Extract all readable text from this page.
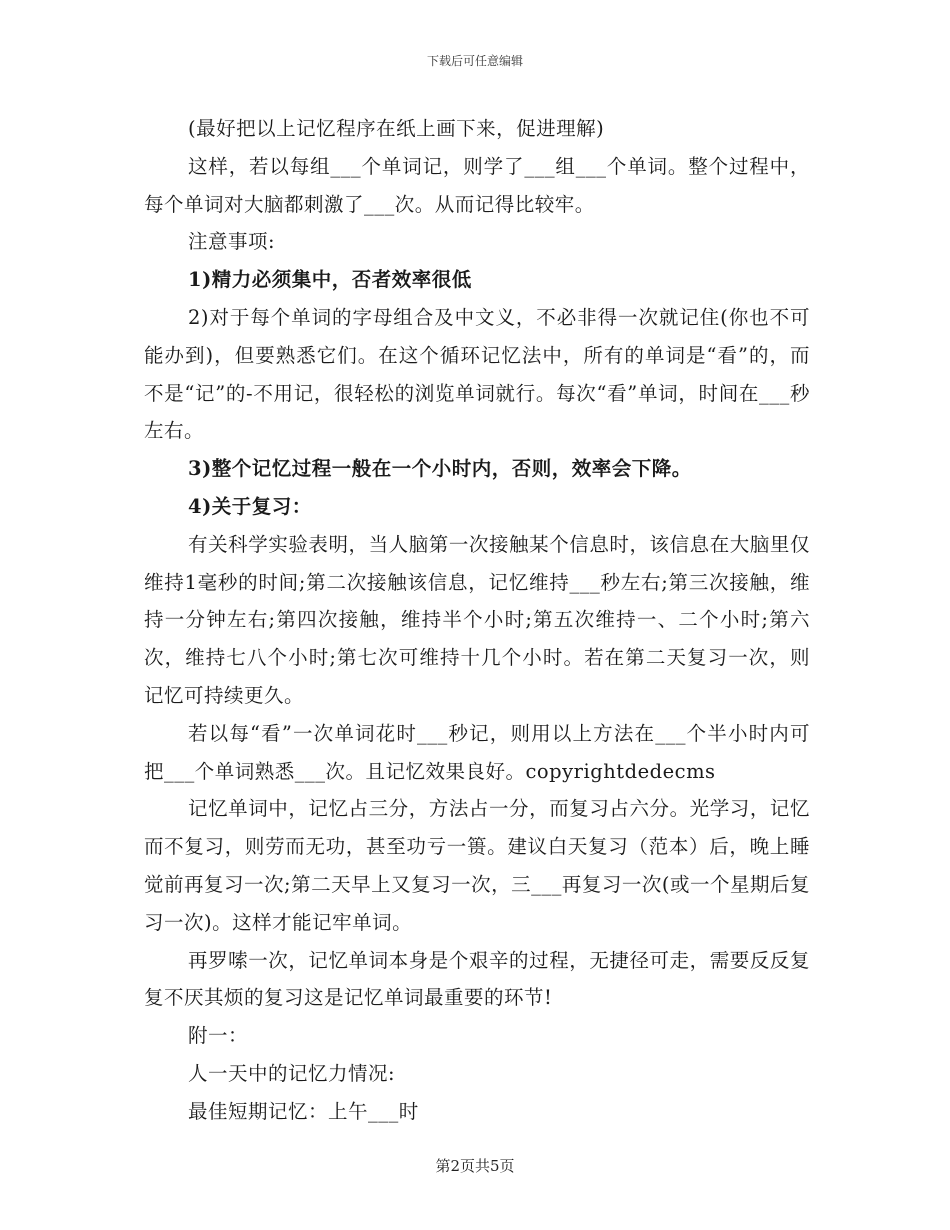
下载后可任意编辑

(最好把以上记忆程序在纸上画下来，促进理解)

这样，若以每组___个单词记，则学了___组___个单词。整个过程中，每个单词对大脑都刺激了___次。从而记得比较牢。

注意事项:

1)精力必须集中，否者效率很低

2)对于每个单词的字母组合及中文义，不必非得一次就记住(你也不可能办到)，但要熟悉它们。在这个循环记忆法中，所有的单词是“看”的，而不是“记”的-不用记，很轻松的浏览单词就行。每次“看”单词，时间在___秒左右。

3)整个记忆过程一般在一个小时内，否则，效率会下降。

4)关于复习：

有关科学实验表明，当人脑第一次接触某个信息时，该信息在大脑里仅维持1毫秒的时间;第二次接触该信息，记忆维持___秒左右;第三次接触，维持一分钟左右;第四次接触，维持半个小时;第五次维持一、二个小时;第六次，维持七八个小时;第七次可维持十几个小时。若在第二天复习一次，则记忆可持续更久。

若以每“看”一次单词花时___秒记，则用以上方法在___个半小时内可把___个单词熟悉___次。且记忆效果良好。copyrightdedecms

记忆单词中，记忆占三分，方法占一分，而复习占六分。光学习，记忆而不复习，则劳而无功，甚至功亏一篑。建议白天复习（范本）后，晚上睡觉前再复习一次;第二天早上又复习一次，三___再复习一次(或一个星期后复习一次)。这样才能记牢单词。

再罗嗦一次，记忆单词本身是个艰辛的过程，无捷径可走，需要反反复复不厌其烦的复习这是记忆单词最重要的环节!

附一：

人一天中的记忆力情况:

最佳短期记忆：上午___时

第2页共5页
